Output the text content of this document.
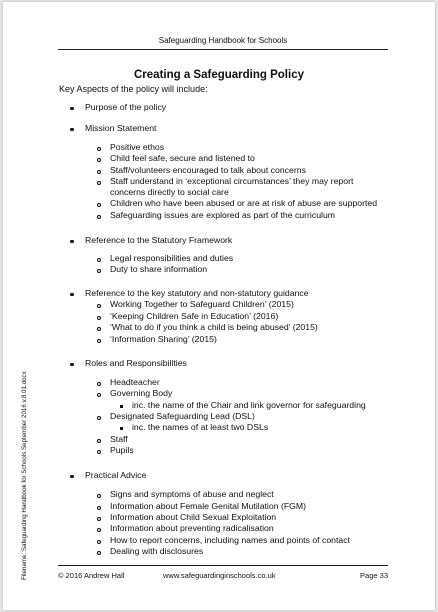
Safeguarding Handbook for Schools
Creating a Safeguarding Policy
Key Aspects of the policy will include:
Purpose of the policy
Mission Statement
Positive ethos
Child feel safe, secure and listened to
Staff/volunteers encouraged to talk about concerns
Staff understand in ‘exceptional circumstances’ they may report
concerns directly to social care
Children who have been abused or are at risk of abuse are supported
Safeguarding issues are explored as part of the curriculum
Reference to the Statutory Framework
Legal responsibilities and duties
Duty to share information
Reference to the key statutory and non-statutory guidance
Working Together to Safeguard Children’ (2015)
‘Keeping Children Safe in Education’ (2016)
‘What to do if you think a child is being abused’ (2015)
‘Information Sharing’ (2015)
Roles and Responsibilities
Headteacher
Governing Body
inc. the name of the Chair and link governor for safeguarding
Designated Safeguarding Lead (DSL)
inc. the names of at least two DSLs
Staff
Pupils
Practical Advice
Signs and symptoms of abuse and neglect
Information about Female Genital Mutilation (FGM)
Information about Child Sexual Exploitation
Information about preventing radicalisation
How to report concerns, including names and points of contact
Dealing with disclosures
Filename: Safeguarding Handbook for Schools September 2016 v.8.01.docx	© 2016 Andrew Hall	www.safeguardinginschools.co.uk	Page 33
